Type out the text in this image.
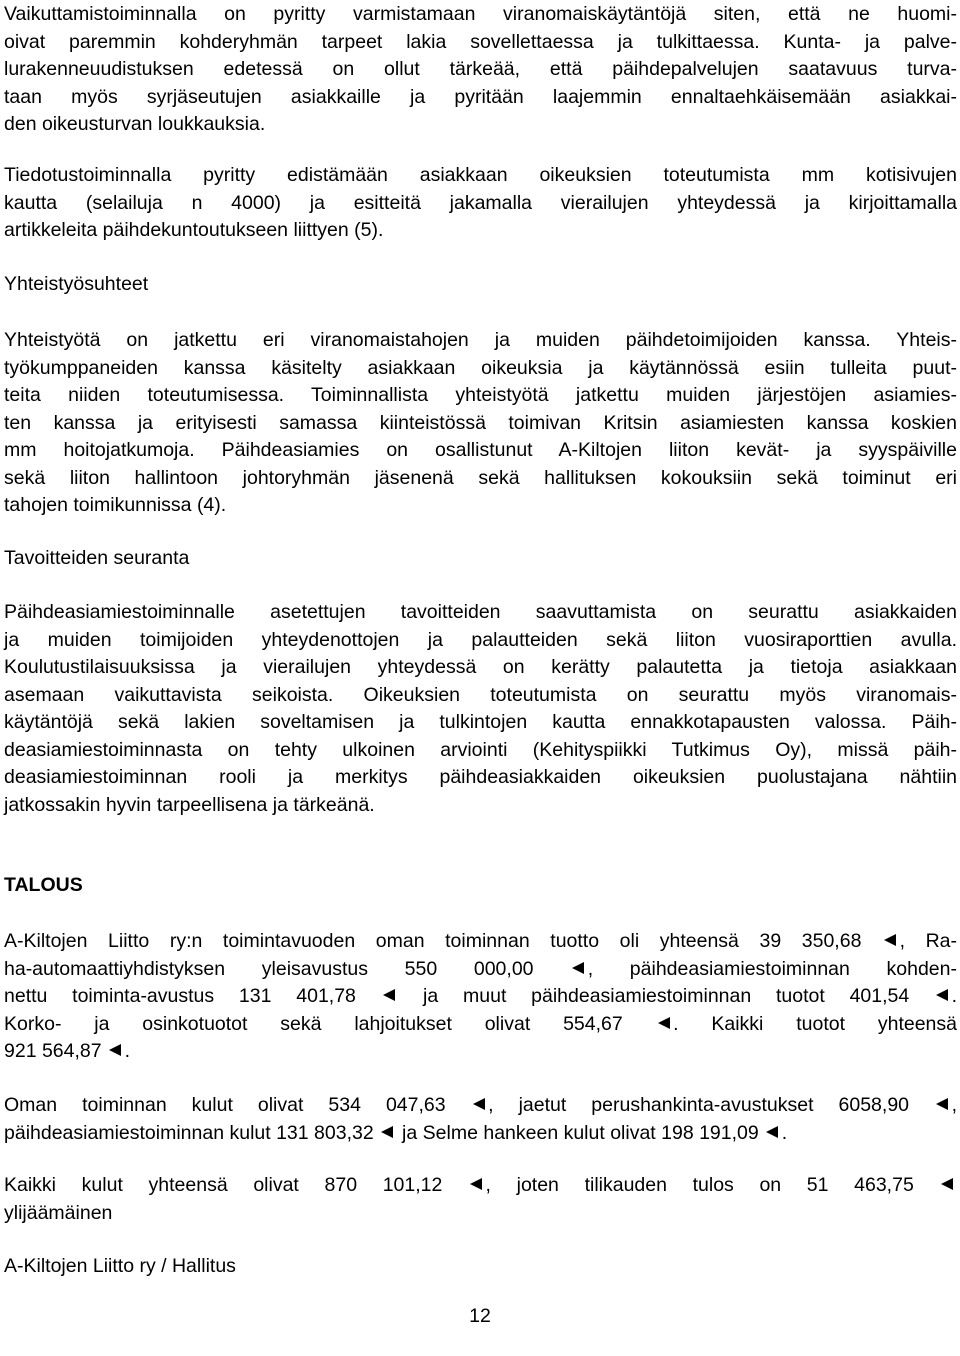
Vaikuttamistoiminnalla on pyritty varmistamaan viranomaiskäytäntöjä siten, että ne huomi-
oivat paremmin kohderyhmän tarpeet lakia sovellettaessa ja tulkittaessa. Kunta- ja palve-
lurakenneuudistuksen edetessä on ollut tärkeää, että päihdepalvelujen saatavuus turva-
taan myös syrjäseutujen asiakkaille ja pyritään laajemmin ennaltaehkäisemään asiakkai-
den oikeusturvan loukkauksia.
Tiedotustoiminnalla pyritty edistämään asiakkaan oikeuksien toteutumista mm kotisivujen
kautta (selailuja n 4000) ja esitteitä jakamalla vierailujen yhteydessä ja kirjoittamalla
artikkeleita päihdekuntoutukseen liittyen (5).
Yhteistyösuhteet
Yhteistyötä on jatkettu eri viranomaistahojen ja muiden päihdetoimijoiden kanssa. Yhteis-
työkumppaneiden kanssa käsitelty asiakkaan oikeuksia ja käytännössä esiin tulleita puut-
teita niiden toteutumisessa. Toiminnallista yhteistyötä jatkettu muiden järjestöjen asiamies-
ten kanssa ja erityisesti samassa kiinteistössä toimivan Kritsin asiamiesten kanssa koskien
mm hoitojatkumoja. Päihdeasiamies on osallistunut A-Kiltojen liiton kevät- ja syyspäiville
sekä liiton hallintoon johtoryhmän jäsenenä sekä hallituksen kokouksiin sekä toiminut eri
tahojen toimikunnissa (4).
Tavoitteiden seuranta
Päihdeasiamiestoiminnalle asetettujen tavoitteiden saavuttamista on seurattu asiakkaiden
ja muiden toimijoiden yhteydenottojen ja palautteiden sekä liiton vuosiraporttien avulla.
Koulutustilaisuuksissa ja vierailujen yhteydessä on kerätty palautetta ja tietoja asiakkaan
asemaan vaikuttavista seikoista. Oikeuksien toteutumista on seurattu myös viranomais-
käytäntöjä sekä lakien soveltamisen ja tulkintojen kautta ennakkotapausten valossa. Päih-
deasiamiestoiminnasta on tehty ulkoinen arviointi (Kehityspiikki Tutkimus Oy), missä päih-
deasiamiestoiminnan rooli ja merkitys päihdeasiakkaiden oikeuksien puolustajana nähtiin
jatkossakin hyvin tarpeellisena ja tärkeänä.
TALOUS
A-Kiltojen Liitto ry:n toimintavuoden oman toiminnan tuotto oli yhteensä 39 350,68 , Ra-
ha-automaattiyhdistyksen yleisavustus 550 000,00 , päihdeasiamiestoiminnan kohden-
nettu toiminta-avustus 131 401,78  ja muut päihdeasiamiestoiminnan tuotot 401,54 .
Korko- ja osinkotuotot sekä lahjoitukset olivat 554,67 . Kaikki tuotot yhteensä
921 564,87 .
Oman toiminnan kulut olivat 534 047,63 , jaetut perushankinta-avustukset 6058,90 ,
päihdeasiamiestoiminnan kulut 131 803,32  ja Selme hankeen kulut olivat 198 191,09 .
Kaikki kulut yhteensä olivat 870 101,12 , joten tilikauden tulos on 51 463,75
ylijäämäinen
A-Kiltojen Liitto ry / Hallitus
12
